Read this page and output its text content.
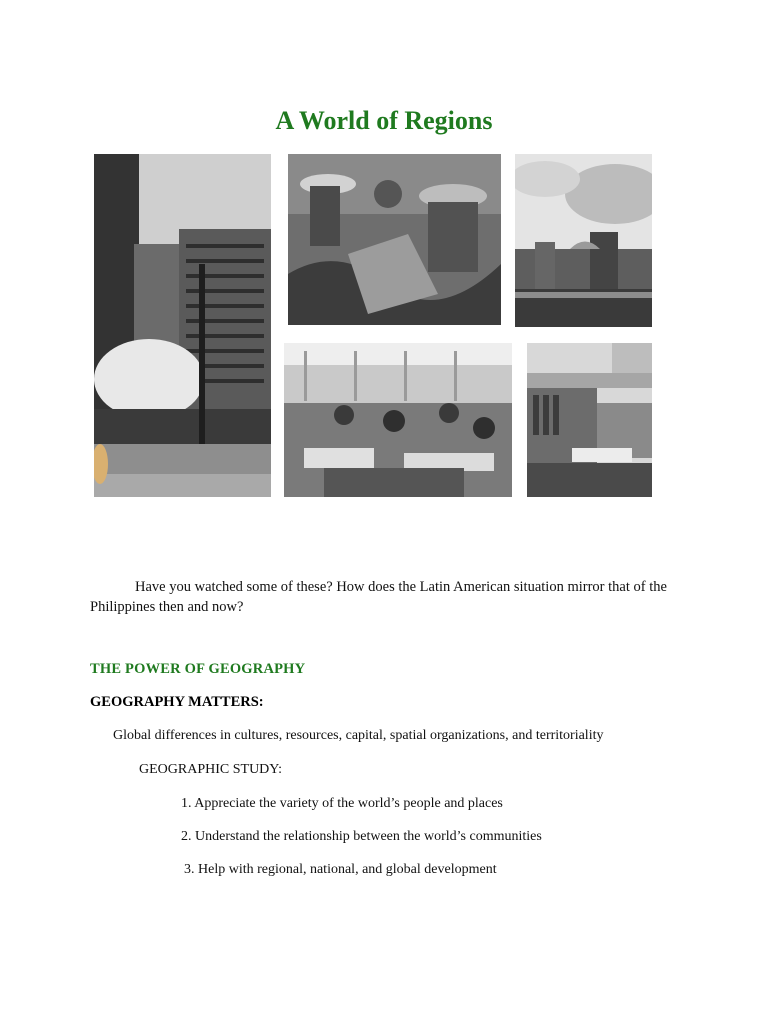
A World of Regions
Have you watched some of these? How does the Latin American situation mirror that of the Philippines then and now?
THE POWER OF GEOGRAPHY
GEOGRAPHY MATTERS:
Global differences in cultures, resources, capital, spatial organizations, and territoriality
GEOGRAPHIC STUDY:
1. Appreciate the variety of the world’s people and places
2. Understand the relationship between the world’s communities
3. Help with regional, national, and global development
